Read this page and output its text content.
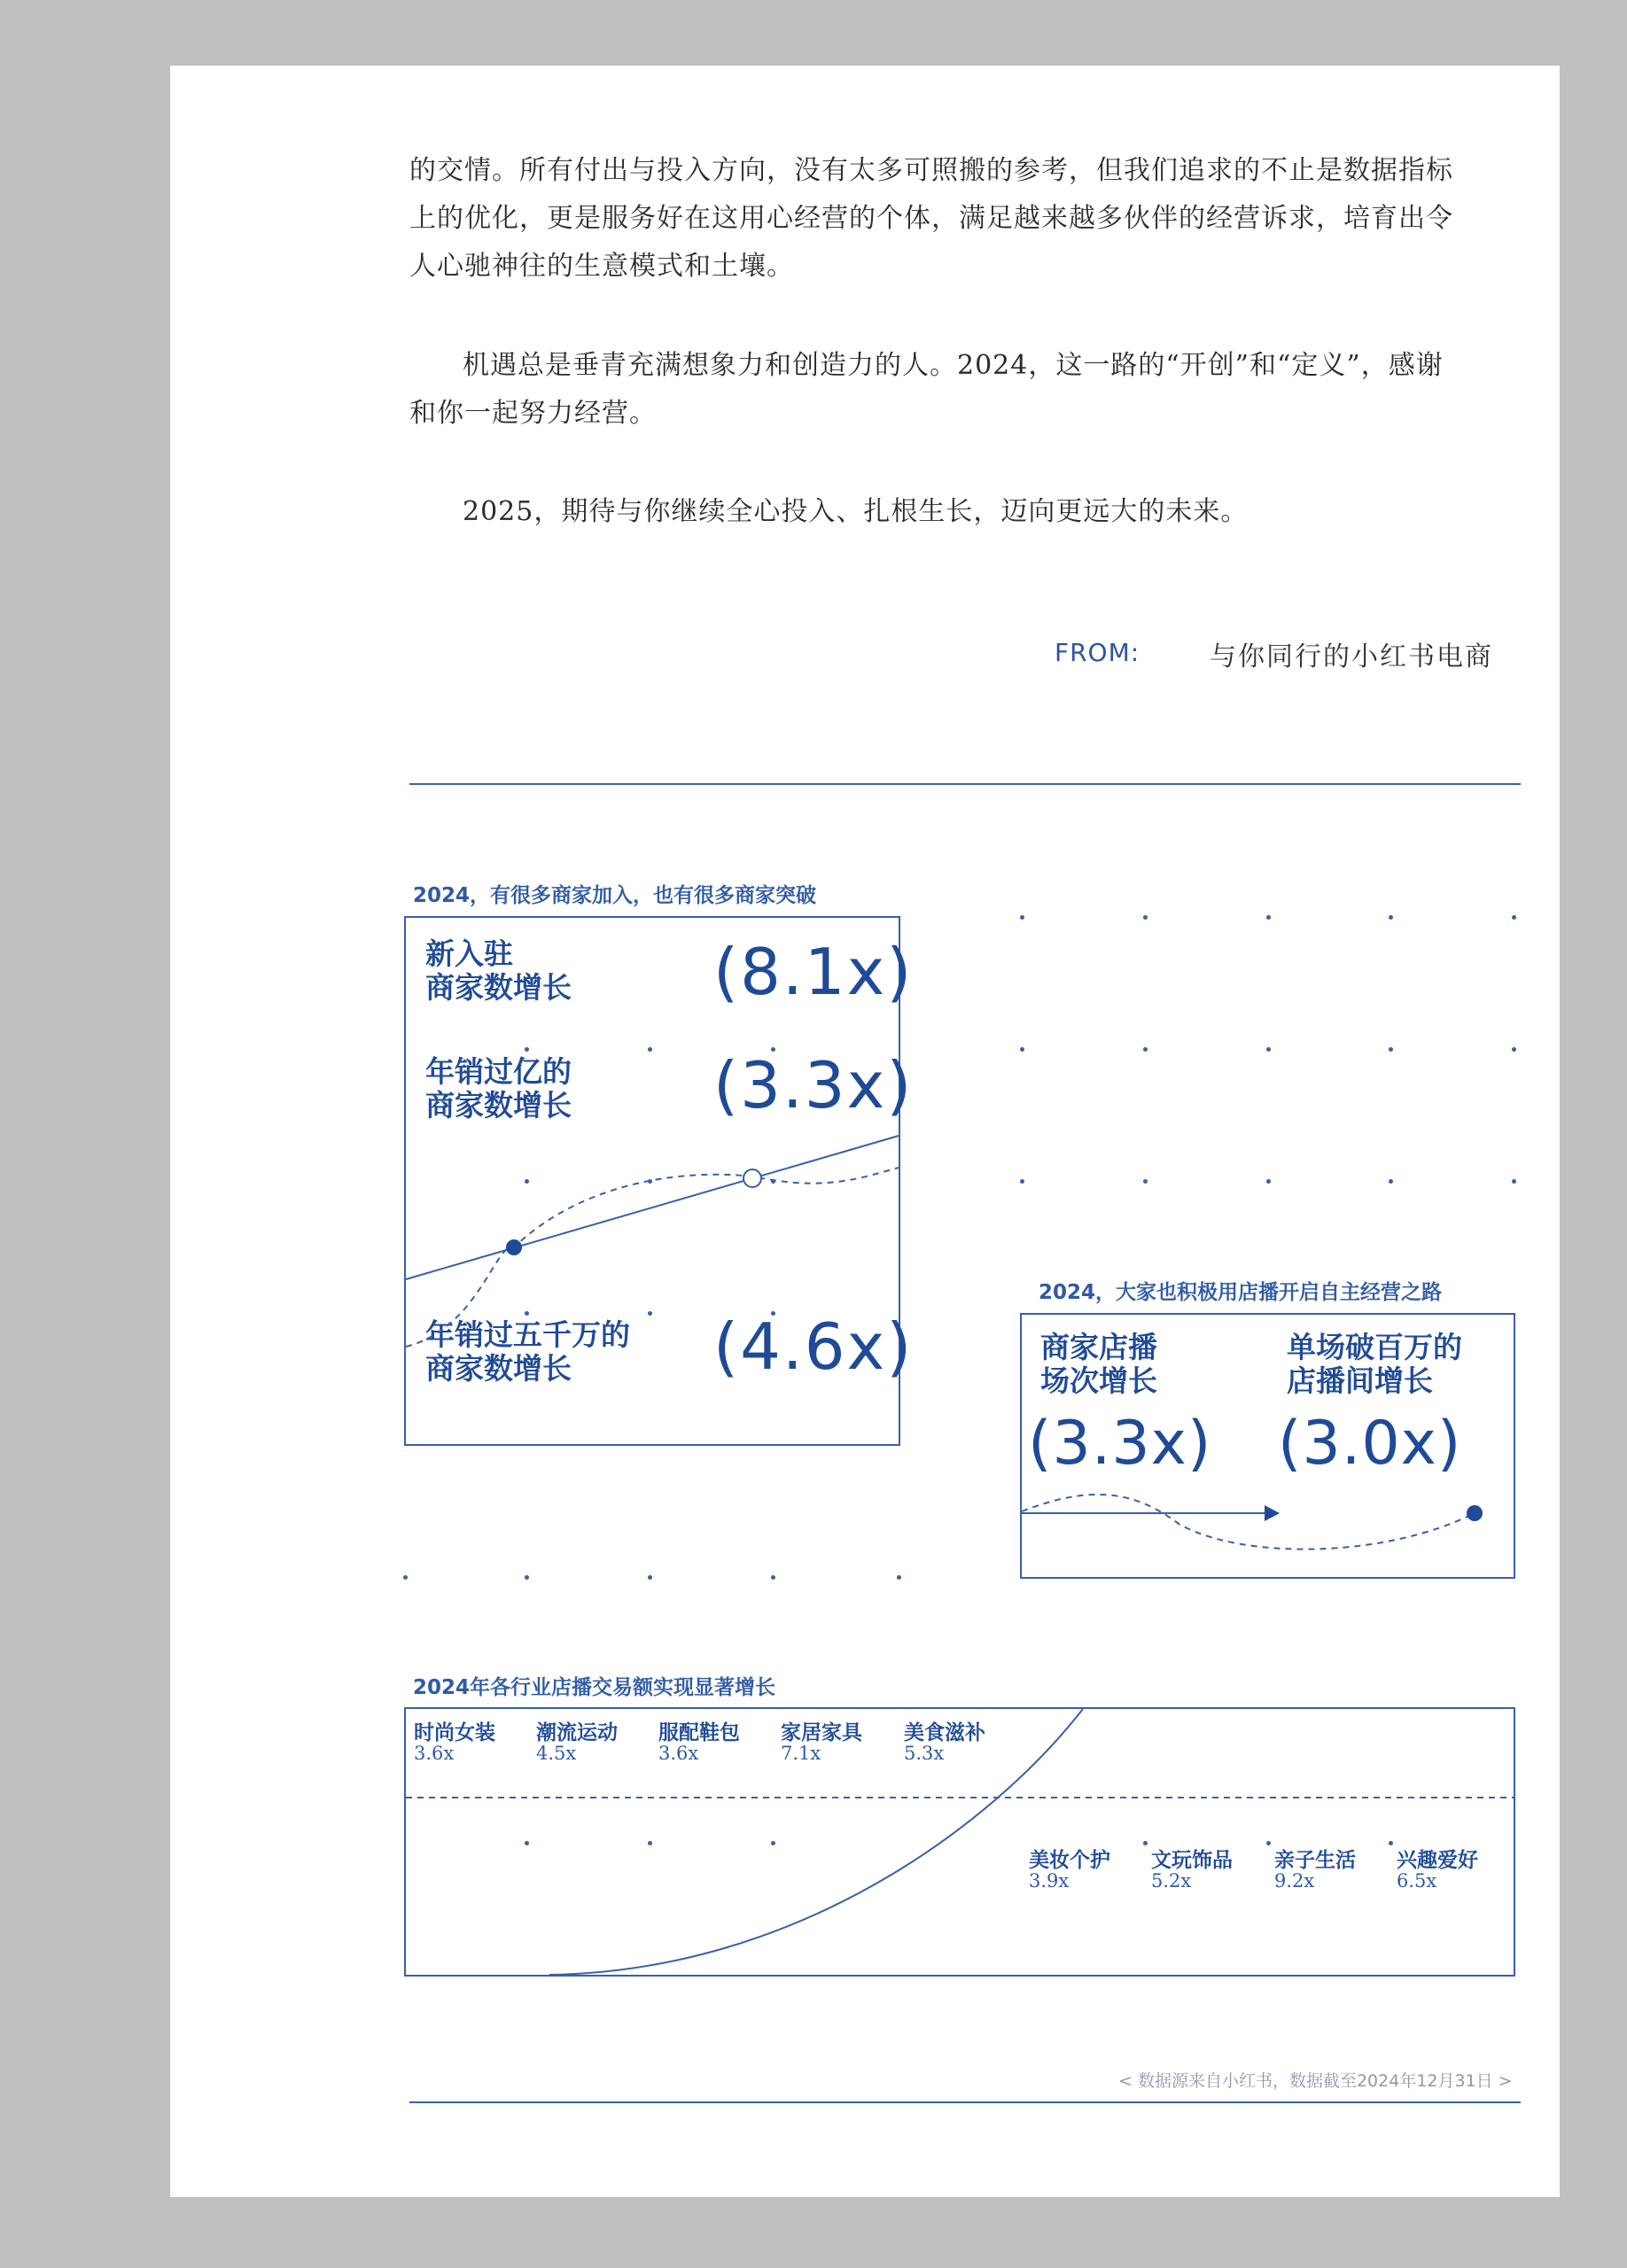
的交情。所有付出与投入方向，没有太多可照搬的参考，但我们追求的不止是数据指标上的优化，更是服务好在这用心经营的个体，满足越来越多伙伴的经营诉求，培育出令人心驰神往的生意模式和土壤。

机遇总是垂青充满想象力和创造力的人。2024，这一路的“开创”和“定义”，感谢和你一起努力经营。

2025，期待与你继续全心投入、扎根生长，迈向更远大的未来。

FROM:	与你同行的小红书电商
2024，有很多商家加入，也有很多商家突破
新入驻
商家数增长 (8.1x)
年销过亿的
商家数增长 (3.3x)
年销过五千万的
商家数增长	(4.6x)
2024，大家也积极用店播开启自主经营之路
商家店播
场次增长
(3.3x)
单场破百万的
店播间增长
(3.0x)
2024年各行业店播交易额实现显著增长
时尚女装
3.6x
潮流运动
4.5x
服配鞋包
3.6x
家居家具
7.1x
美食滋补
5.3x
美妆个护
3.9x
文玩饰品
5.2x
亲子生活
9.2x
兴趣爱好
6.5x
< 数据源来自小红书，数据截至2024年12月31日 >
